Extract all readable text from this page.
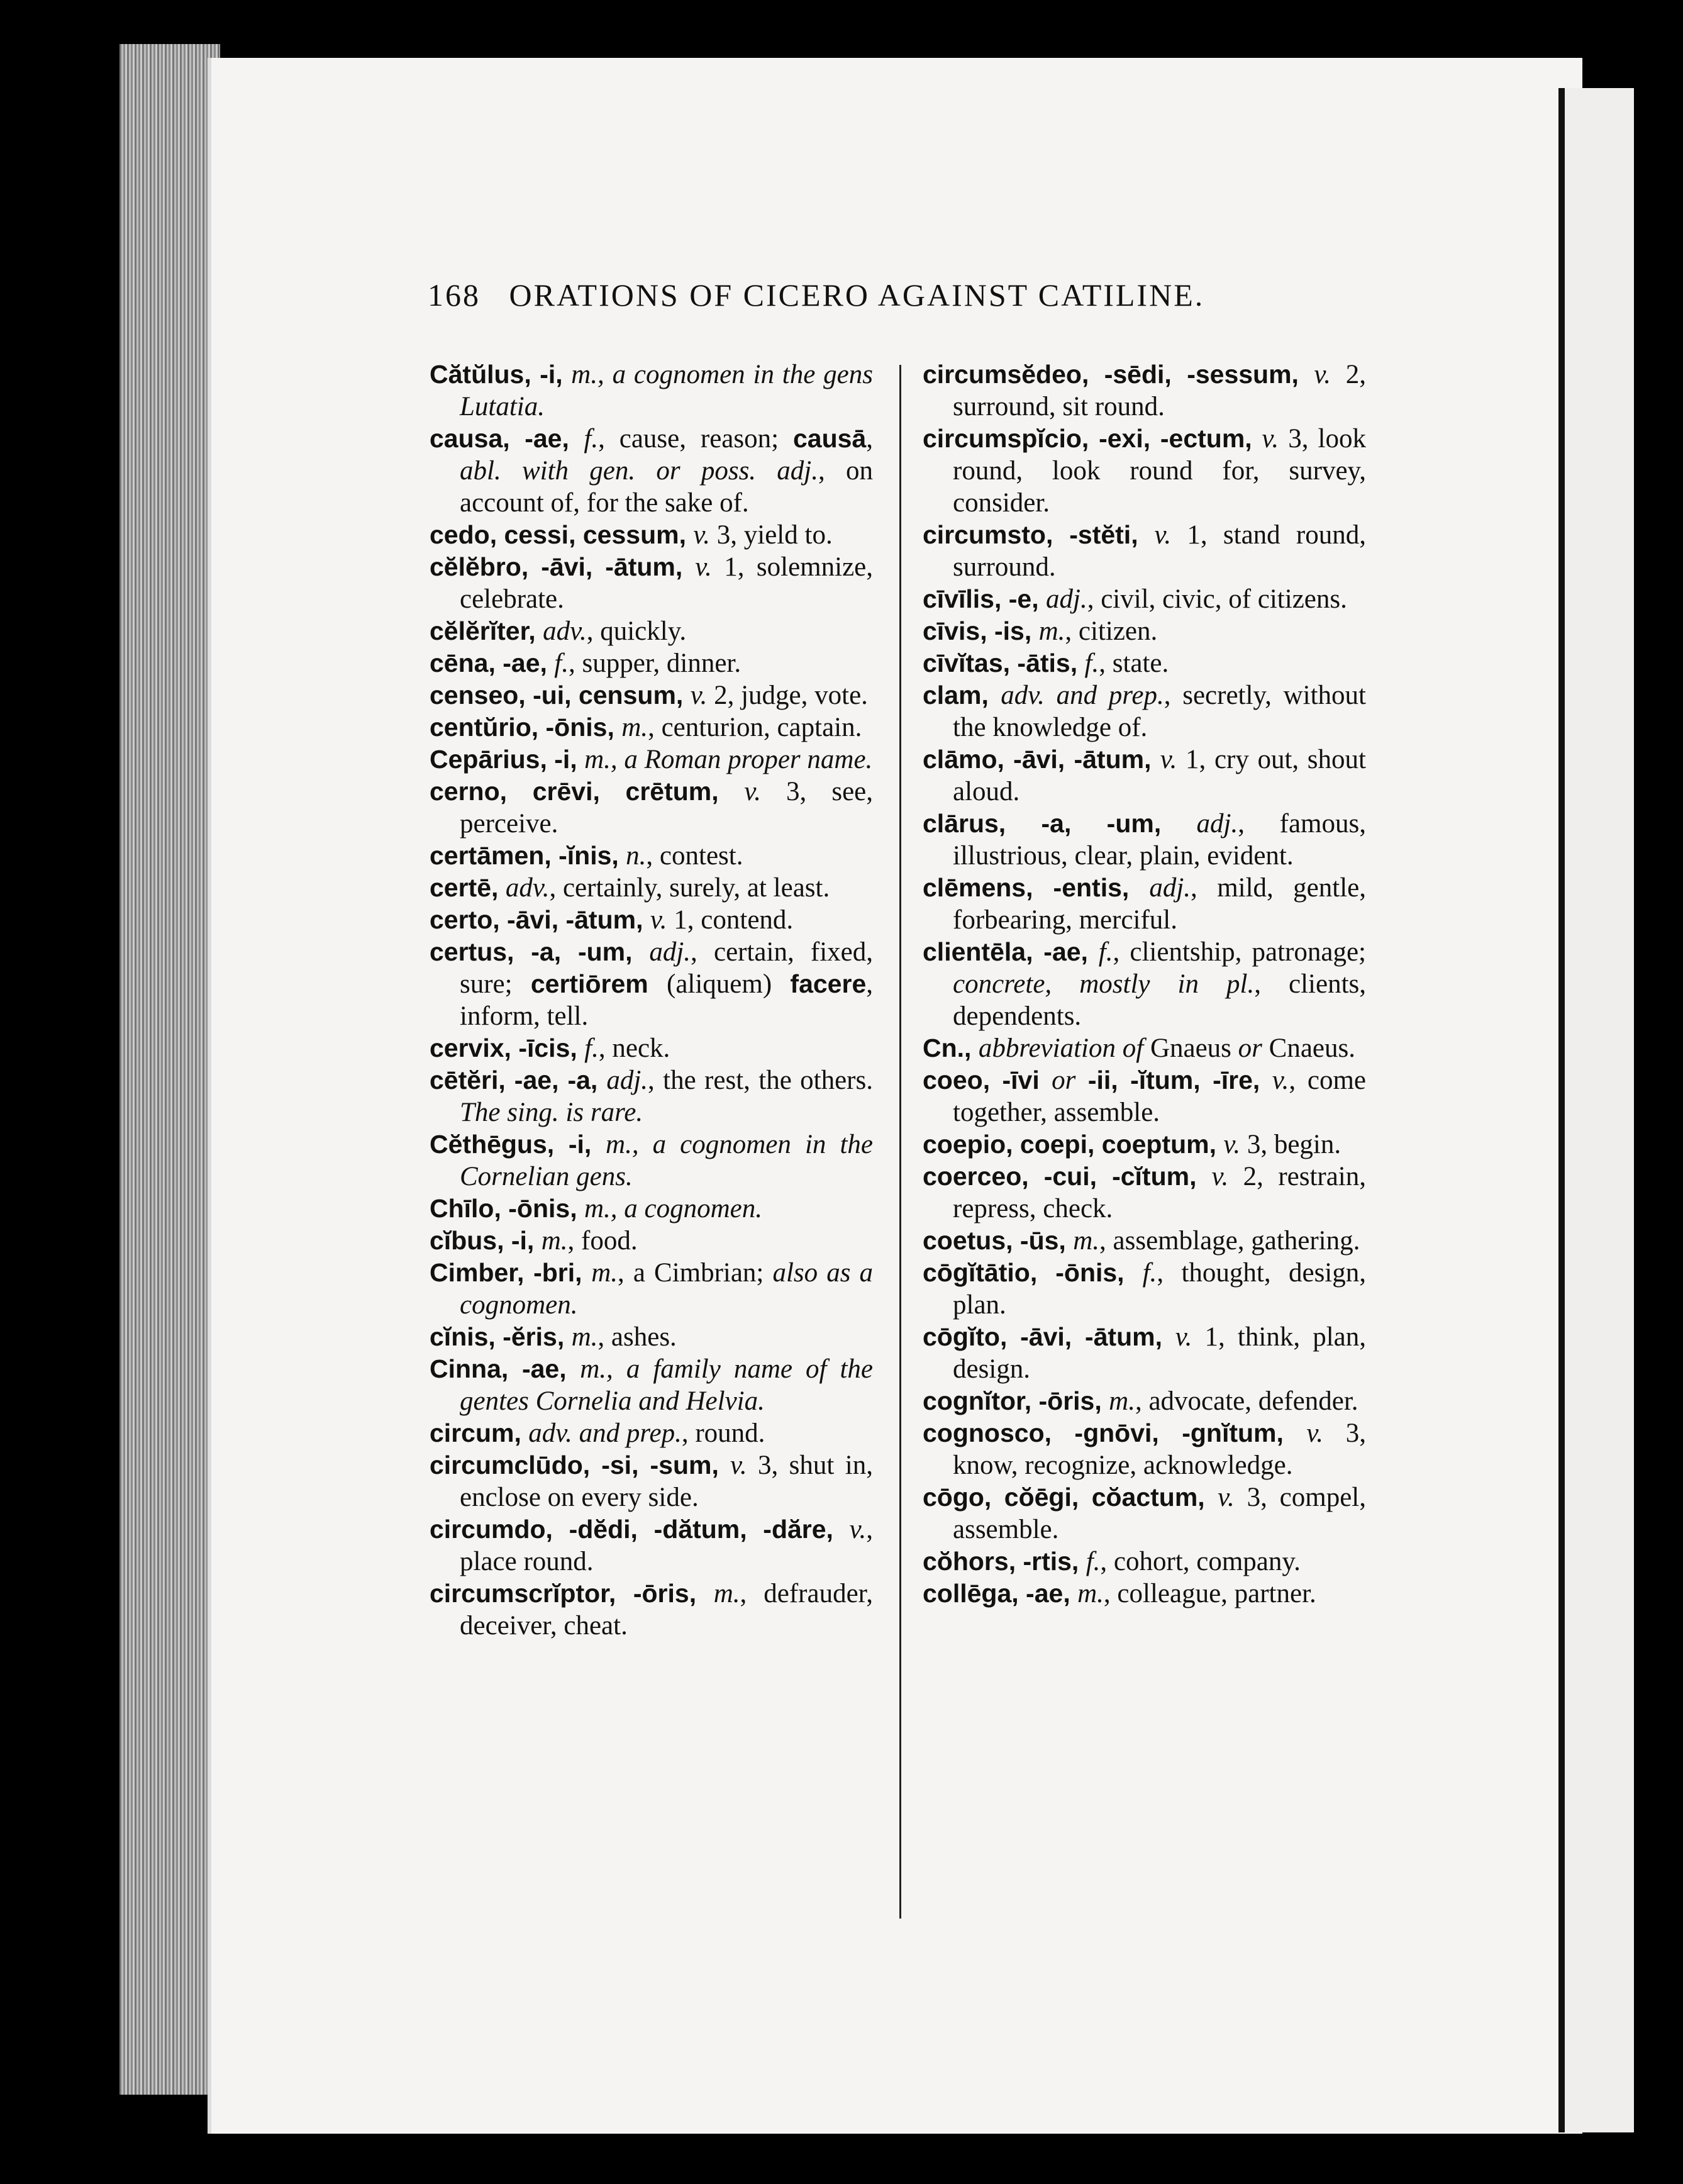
168 ORATIONS OF CICERO AGAINST CATILINE.

Cătŭlus, -i, m., a cognomen in the gens Lutatia.

causa, -ae, f., cause, reason; causā, abl. with gen. or poss. adj., on account of, for the sake of.

cedo, cessi, cessum, v. 3, yield to.

cĕlĕbro, -āvi, -ātum, v. 1, solemnize, celebrate.

cĕlĕrĭter, adv., quickly.

cēna, -ae, f., supper, dinner.

censeo, -ui, censum, v. 2, judge, vote.

centŭrio, -ōnis, m., centurion, captain.

Cepārius, -i, m., a Roman proper name.

cerno, crēvi, crētum, v. 3, see, perceive.

certāmen, -ĭnis, n., contest.

certē, adv., certainly, surely, at least.

certo, -āvi, -ātum, v. 1, contend.

certus, -a, -um, adj., certain, fixed, sure; certiōrem (aliquem) facere, inform, tell.

cervix, -īcis, f., neck.

cētĕri, -ae, -a, adj., the rest, the others. The sing. is rare.

Cĕthēgus, -i, m., a cognomen in the Cornelian gens.

Chīlo, -ōnis, m., a cognomen.

cĭbus, -i, m., food.

Cimber, -bri, m., a Cimbrian; also as a cognomen.

cĭnis, -ĕris, m., ashes.

Cinna, -ae, m., a family name of the gentes Cornelia and Helvia.

circum, adv. and prep., round.

circumclūdo, -si, -sum, v. 3, shut in, enclose on every side.

circumdo, -dĕdi, -dătum, -dăre, v., place round.

circumscrĭptor, -ōris, m., defrauder, deceiver, cheat.

circumsĕdeo, -sēdi, -sessum, v. 2, surround, sit round.

circumspĭcio, -exi, -ectum, v. 3, look round, look round for, survey, consider.

circumsto, -stĕti, v. 1, stand round, surround.

cīvīlis, -e, adj., civil, civic, of citizens.

cīvis, -is, m., citizen.

cīvĭtas, -ātis, f., state.

clam, adv. and prep., secretly, without the knowledge of.

clāmo, -āvi, -ātum, v. 1, cry out, shout aloud.

clārus, -a, -um, adj., famous, illustrious, clear, plain, evident.

clēmens, -entis, adj., mild, gentle, forbearing, merciful.

clientēla, -ae, f., clientship, patronage; concrete, mostly in pl., clients, dependents.

Cn., abbreviation of Gnaeus or Cnaeus.

coeo, -īvi or -ii, -ĭtum, -īre, v., come together, assemble.

coepio, coepi, coeptum, v. 3, begin.

coerceo, -cui, -cĭtum, v. 2, restrain, repress, check.

coetus, -ūs, m., assemblage, gathering.

cōgĭtātio, -ōnis, f., thought, design, plan.

cōgĭto, -āvi, -ātum, v. 1, think, plan, design.

cognĭtor, -ōris, m., advocate, defender.

cognosco, -gnōvi, -gnĭtum, v. 3, know, recognize, acknowledge.

cōgo, cŏēgi, cŏactum, v. 3, compel, assemble.

cŏhors, -rtis, f., cohort, company.

collēga, -ae, m., colleague, partner.
